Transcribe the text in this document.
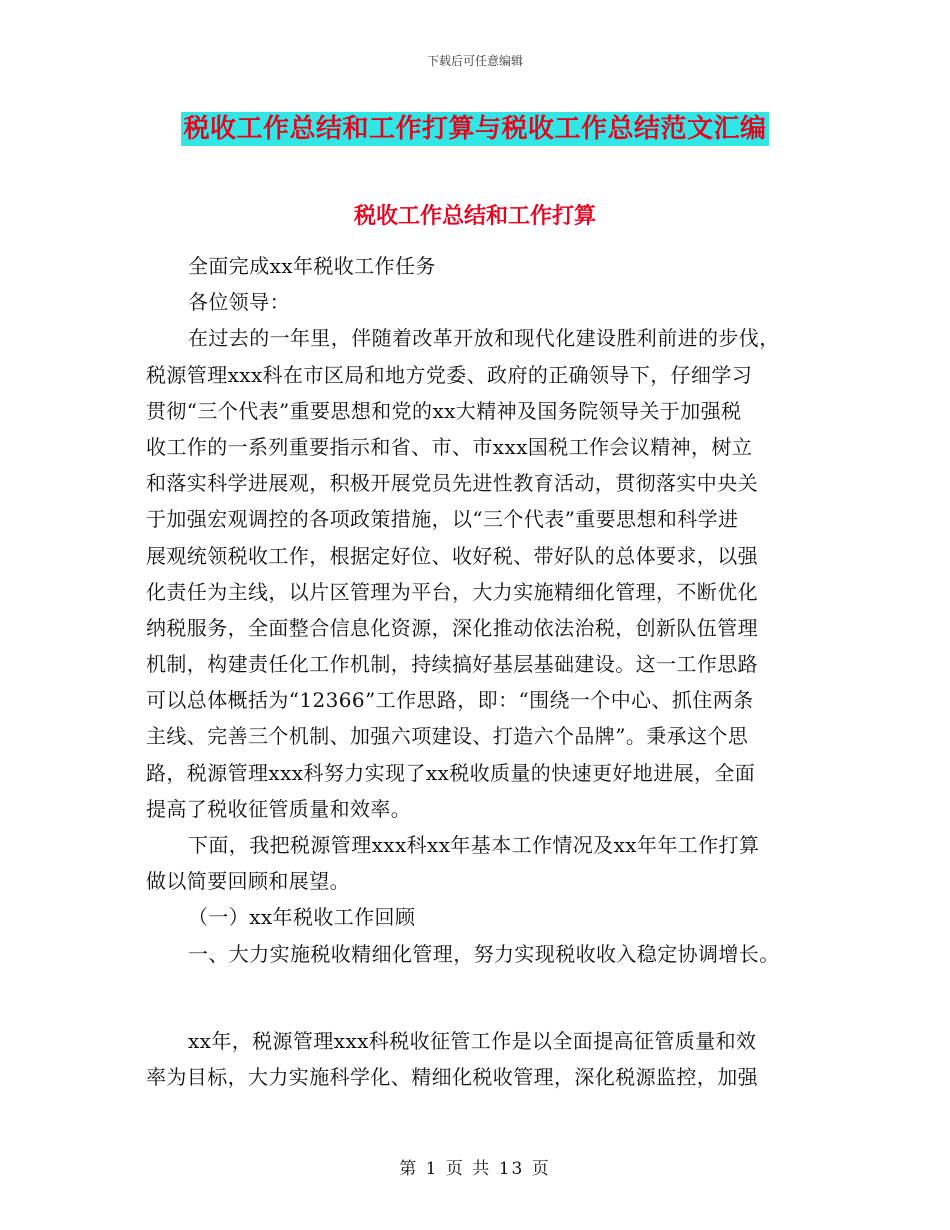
下载后可任意编辑
税收工作总结和工作打算与税收工作总结范文汇编
税收工作总结和工作打算
全面完成xx年税收工作任务
各位领导：
在过去的一年里，伴随着改革开放和现代化建设胜利前进的步伐，
税源管理xxx科在市区局和地方党委、政府的正确领导下，仔细学习
贯彻“三个代表”重要思想和党的xx大精神及国务院领导关于加强税
收工作的一系列重要指示和省、市、市xxx国税工作会议精神，树立
和落实科学进展观，积极开展党员先进性教育活动，贯彻落实中央关
于加强宏观调控的各项政策措施，以“三个代表”重要思想和科学进
展观统领税收工作，根据定好位、收好税、带好队的总体要求，以强
化责任为主线，以片区管理为平台，大力实施精细化管理，不断优化
纳税服务，全面整合信息化资源，深化推动依法治税，创新队伍管理
机制，构建责任化工作机制，持续搞好基层基础建设。这一工作思路
可以总体概括为“12366”工作思路，即：“围绕一个中心、抓住两条
主线、完善三个机制、加强六项建设、打造六个品牌”。秉承这个思
路，税源管理xxx科努力实现了xx税收质量的快速更好地进展，全面
提高了税收征管质量和效率。
下面，我把税源管理xxx科xx年基本工作情况及xx年年工作打算
做以简要回顾和展望。
（一）xx年税收工作回顾
一、大力实施税收精细化管理，努力实现税收收入稳定协调增长。
xx年，税源管理xxx科税收征管工作是以全面提高征管质量和效
率为目标，大力实施科学化、精细化税收管理，深化税源监控，加强
第 1 页 共 13 页
